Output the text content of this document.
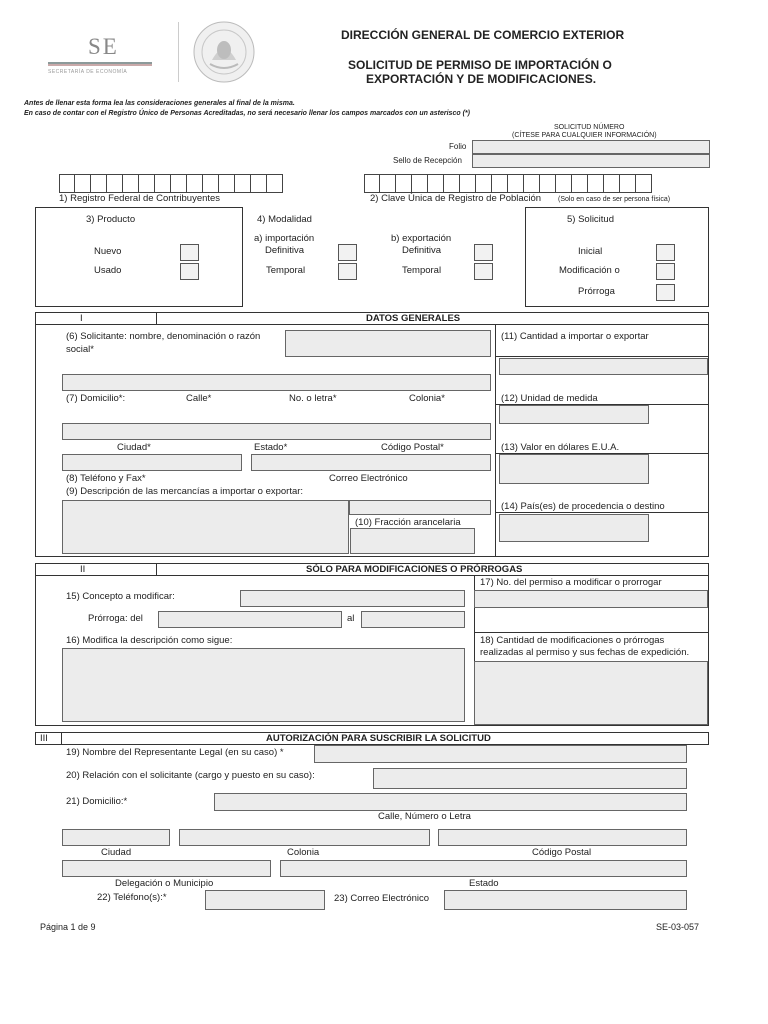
SE
SECRETARÍA DE ECONOMÍA
DIRECCIÓN GENERAL DE COMERCIO EXTERIOR
SOLICITUD DE PERMISO DE IMPORTACIÓN O
EXPORTACIÓN Y DE MODIFICACIONES.
Antes de llenar esta forma lea las consideraciones generales al final de la misma.
En caso de contar con el Registro Único de Personas Acreditadas, no será necesario llenar los campos marcados con un asterisco (*)
SOLICITUD NÚMERO
(CÍTESE PARA CUALQUIER INFORMACIÓN)
Folio
Sello de Recepción
1) Registro Federal de Contribuyentes	2) Clave Única de Registro de Población (Solo en caso de ser persona física)
3) Producto
Nuevo
Usado
4) Modalidad
a) importación
Definitiva
Temporal
b) exportación
Definitiva
Temporal
5) Solicitud
Inicial
Modificación o
Prórroga
I	DATOS GENERALES
(6) Solicitante: nombre, denominación o razón
social*
(7) Domicilio*:	Calle*	No. o letra*	Colonia*
Ciudad*	Estado*	Código Postal*
(8) Teléfono y Fax*	Correo Electrónico
(9) Descripción de las mercancías a importar o exportar:
(10) Fracción arancelaria
(11) Cantidad a importar o exportar
(12) Unidad de medida
(13) Valor en dólares E.U.A.
(14) País(es) de procedencia o destino
II	SÓLO PARA MODIFICACIONES O PRÓRROGAS
17) No. del permiso a modificar o prorrogar
15) Concepto a modificar:
Prórroga: del	al
16) Modifica la descripción como sigue:	18) Cantidad de modificaciones o prórrogas
realizadas al permiso y sus fechas de expedición.
III	AUTORIZACIÓN PARA SUSCRIBIR LA SOLICITUD
19) Nombre del Representante Legal (en su caso) *
20) Relación con el solicitante (cargo y puesto en su caso):
21) Domicilio:*
Calle, Número o Letra
Ciudad	Colonia	Código Postal
Delegación o Municipio	Estado
22) Teléfono(s):*	23) Correo Electrónico
Página 1 de 9	SE-03-057
